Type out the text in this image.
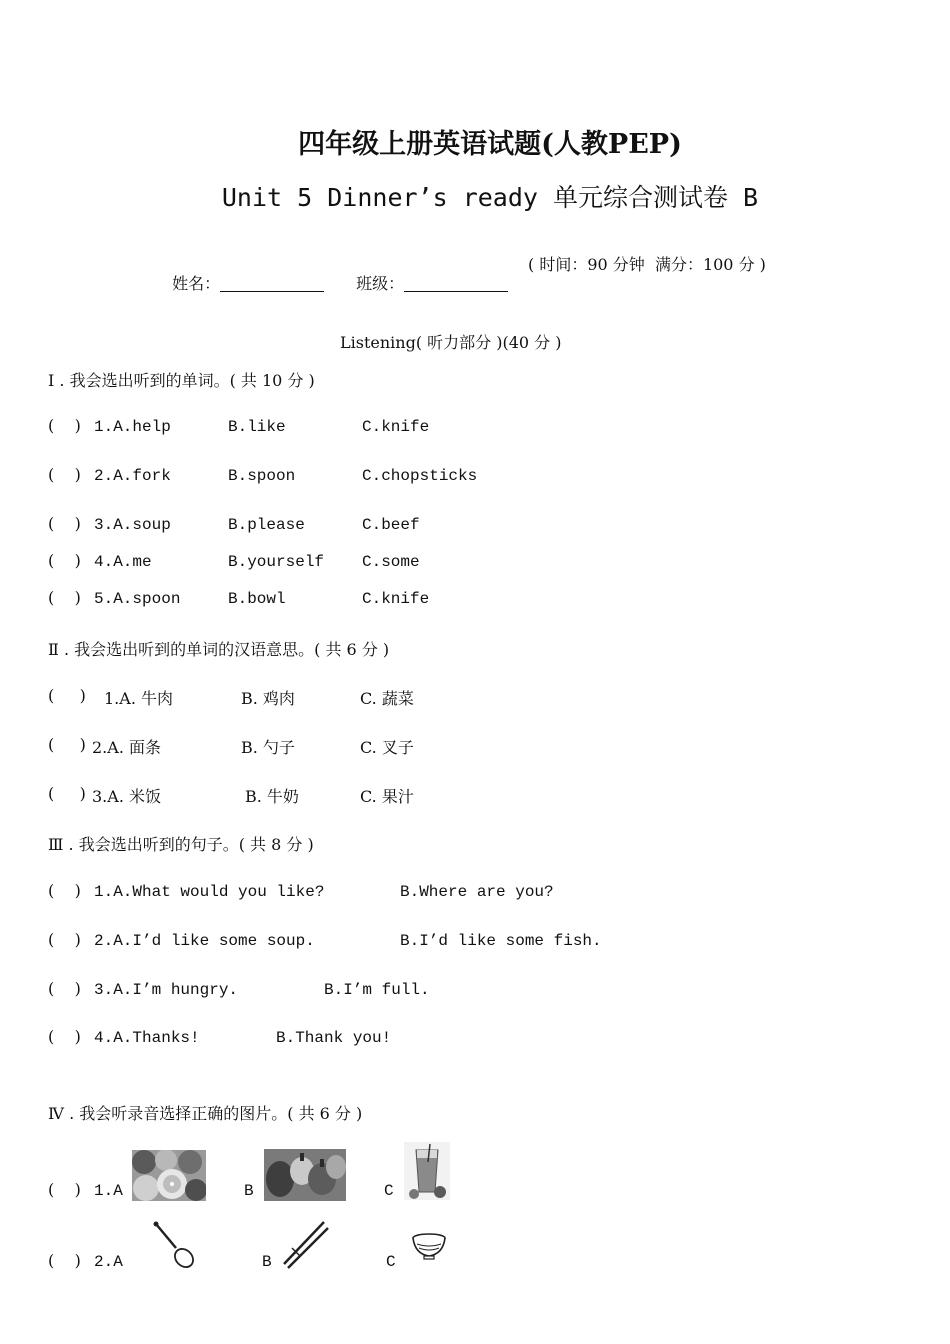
四年级上册英语试题(人教PEP)
Unit 5 Dinner’s ready 单元综合测试卷 B

姓名：	班级：

( 时间：90 分钟  满分：100 分 )
Listening( 听力部分 )(40 分 )
Ⅰ . 我会选出听到的单词。( 共 10 分 )
(    ) 1.A.help	B.like	C.knife
(    ) 2.A.fork	B.spoon	C.chopsticks
(    ) 3.A.soup	B.please	C.beef
(    ) 4.A.me	B.yourself C.some
(    ) 5.A.spoon	B.bowl	C.knife
Ⅱ . 我会选出听到的单词的汉语意思。( 共 6 分 )
(     ) 1.A. 牛肉	B. 鸡肉	C. 蔬菜
(     ) 2.A. 面条	B. 勺子	C. 叉子
(     ) 3.A. 米饭	B. 牛奶	C. 果汁
Ⅲ . 我会选出听到的句子。( 共 8 分 )
(    ) 1.A.What would you like?	B.Where are you?
(    ) 2.A.I’d like some soup.	B.I’d like some fish.
(    ) 3.A.I’m hungry.	B.I’m full.
(    ) 4.A.Thanks!	B.Thank you!
Ⅳ . 我会听录音选择正确的图片。( 共 6 分 )
(    ) 1.A	B	C
(    ) 2.A	B	C
